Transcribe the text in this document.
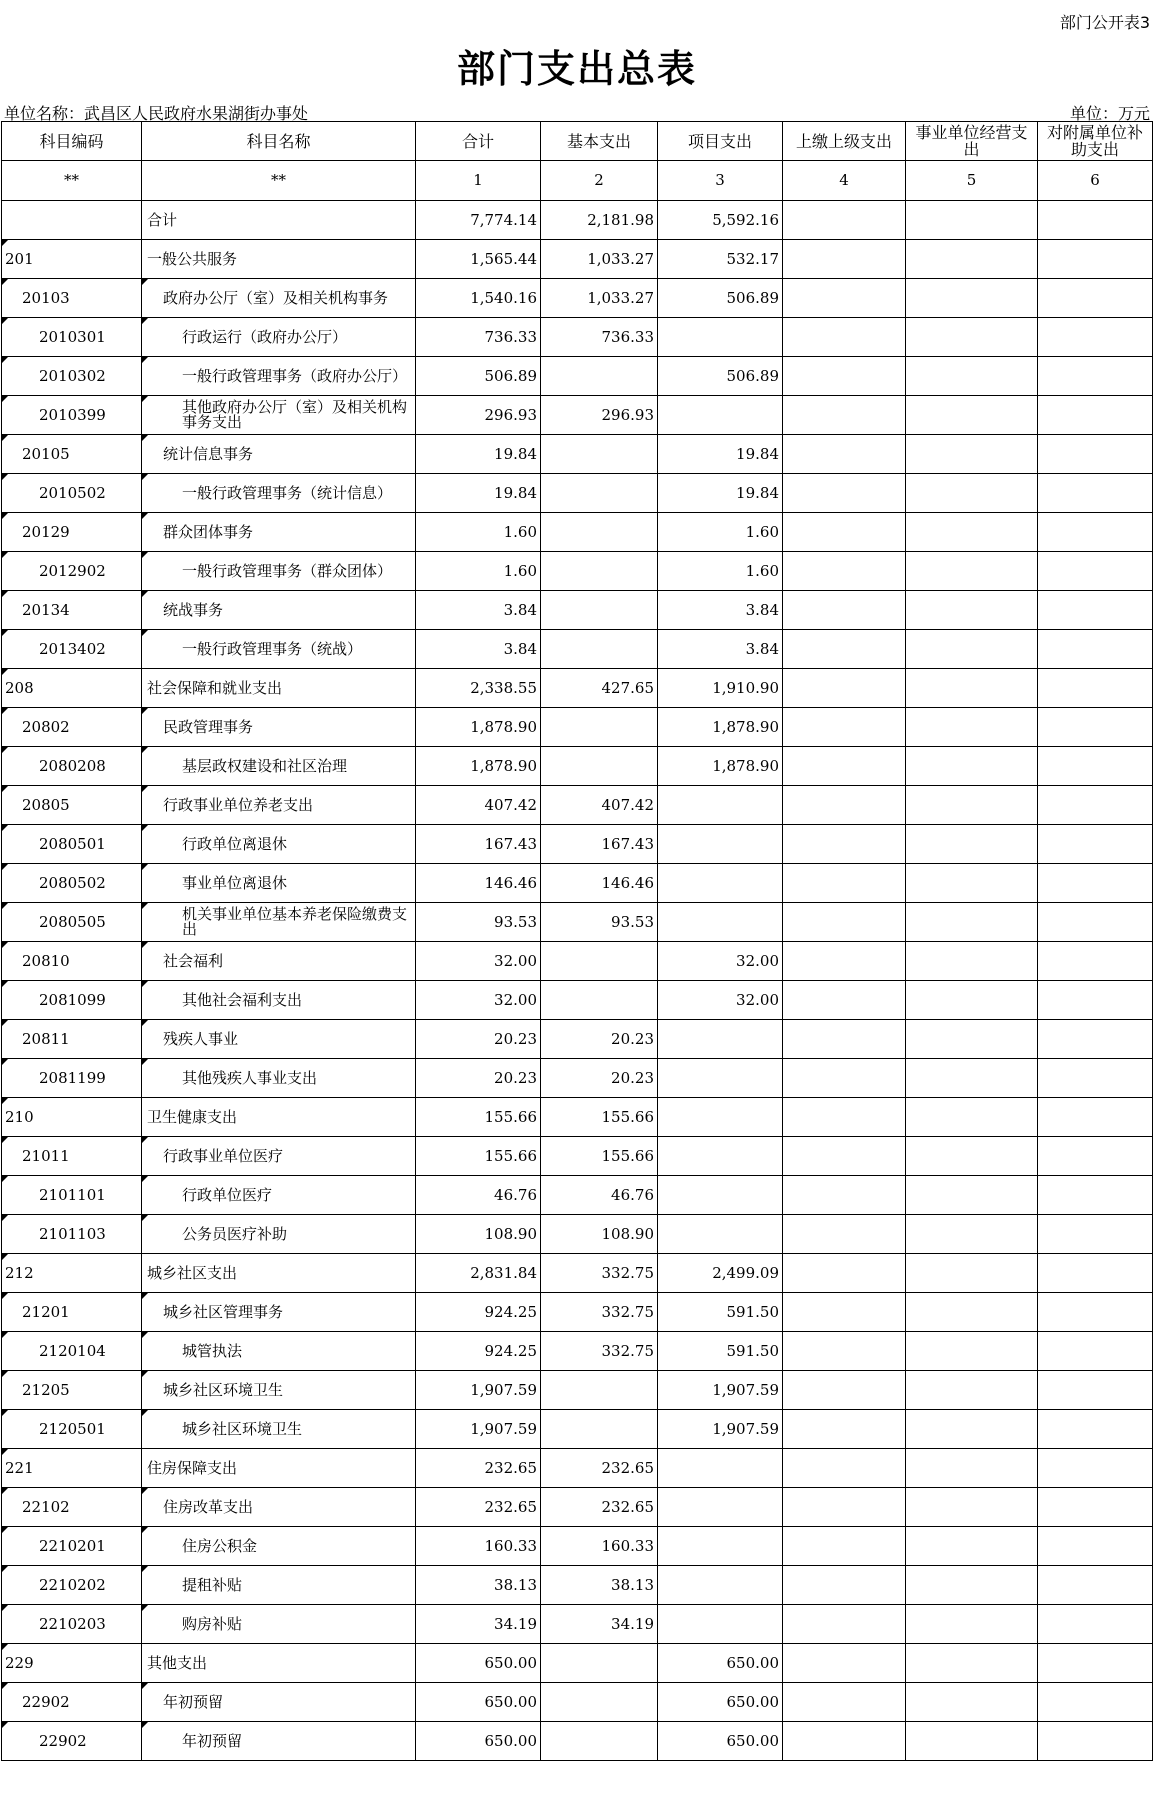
部门公开表3
部门支出总表
单位名称：武昌区人民政府水果湖街办事处	单位：万元
科目编码	科目名称	合计	基本支出	项目支出	上缴上级支出	事业单位经营支出	对附属单位补助支出
**	**	1	2	3	4	5	6
	合计	7,774.14	2,181.98	5,592.16			
201	一般公共服务	1,565.44	1,033.27	532.17			
20103	政府办公厅（室）及相关机构事务	1,540.16	1,033.27	506.89			
2010301	行政运行（政府办公厅）	736.33	736.33				
2010302	一般行政管理事务（政府办公厅）	506.89		506.89			
2010399	其他政府办公厅（室）及相关机构事务支出	296.93	296.93				
20105	统计信息事务	19.84		19.84			
2010502	一般行政管理事务（统计信息）	19.84		19.84			
20129	群众团体事务	1.60		1.60			
2012902	一般行政管理事务（群众团体）	1.60		1.60			
20134	统战事务	3.84		3.84			
2013402	一般行政管理事务（统战）	3.84		3.84			
208	社会保障和就业支出	2,338.55	427.65	1,910.90			
20802	民政管理事务	1,878.90		1,878.90			
2080208	基层政权建设和社区治理	1,878.90		1,878.90			
20805	行政事业单位养老支出	407.42	407.42				
2080501	行政单位离退休	167.43	167.43				
2080502	事业单位离退休	146.46	146.46				
2080505	机关事业单位基本养老保险缴费支出	93.53	93.53				
20810	社会福利	32.00		32.00			
2081099	其他社会福利支出	32.00		32.00			
20811	残疾人事业	20.23	20.23				
2081199	其他残疾人事业支出	20.23	20.23				
210	卫生健康支出	155.66	155.66				
21011	行政事业单位医疗	155.66	155.66				
2101101	行政单位医疗	46.76	46.76				
2101103	公务员医疗补助	108.90	108.90				
212	城乡社区支出	2,831.84	332.75	2,499.09			
21201	城乡社区管理事务	924.25	332.75	591.50			
2120104	城管执法	924.25	332.75	591.50			
21205	城乡社区环境卫生	1,907.59		1,907.59			
2120501	城乡社区环境卫生	1,907.59		1,907.59			
221	住房保障支出	232.65	232.65				
22102	住房改革支出	232.65	232.65				
2210201	住房公积金	160.33	160.33				
2210202	提租补贴	38.13	38.13				
2210203	购房补贴	34.19	34.19				
229	其他支出	650.00		650.00			
22902	年初预留	650.00		650.00			
22902	年初预留	650.00		650.00			
